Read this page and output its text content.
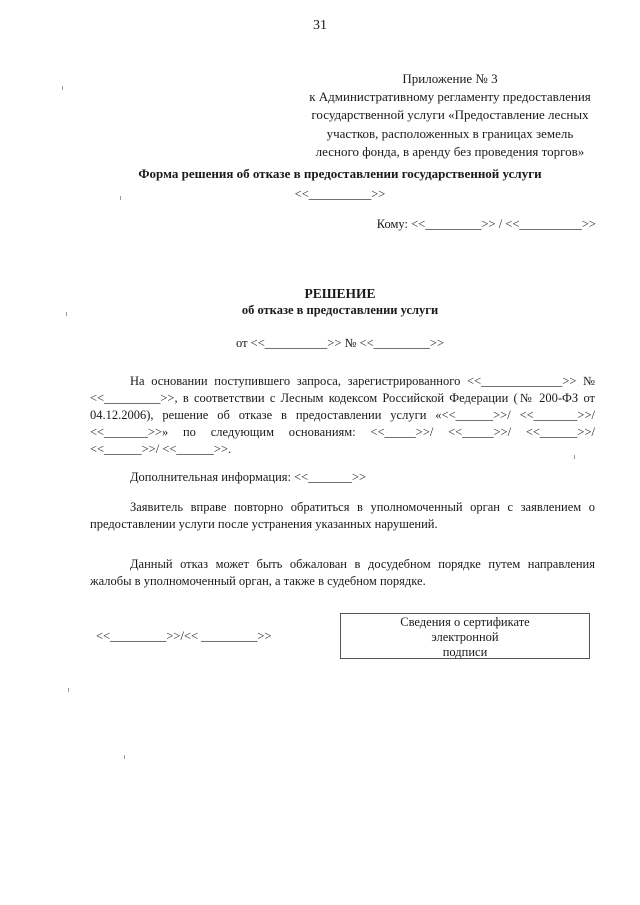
31
Приложение № 3
к Административному регламенту предоставления
государственной услуги «Предоставление лесных
участков, расположенных в границах земель
лесного фонда, в аренду без проведения торгов»
Форма решения об отказе в предоставлении государственной услуги
<<__________>>
Кому: <<_________>> / <<__________>>
РЕШЕНИЕ
об отказе в предоставлении услуги
от <<__________>> № <<_________>>
На основании поступившего запроса, зарегистрированного <<_____________>> № <<_________>>, в соответствии с Лесным кодексом Российской Федерации (№ 200-ФЗ от 04.12.2006), решение об отказе в предоставлении услуги «<<______>>/ <<_______>>/ <<_______>>» по следующим основаниям: <<_____>>/ <<_____>>/ <<______>>/ <<______>>/ <<______>>.
Дополнительная информация: <<_______>>
Заявитель вправе повторно обратиться в уполномоченный орган с заявлением о предоставлении услуги после устранения указанных нарушений.
Данный отказ может быть обжалован в досудебном порядке путем направления жалобы в уполномоченный орган, а также в судебном порядке.
<<_________>>/<< _________>>
Сведения о сертификате
электронной
подписи
